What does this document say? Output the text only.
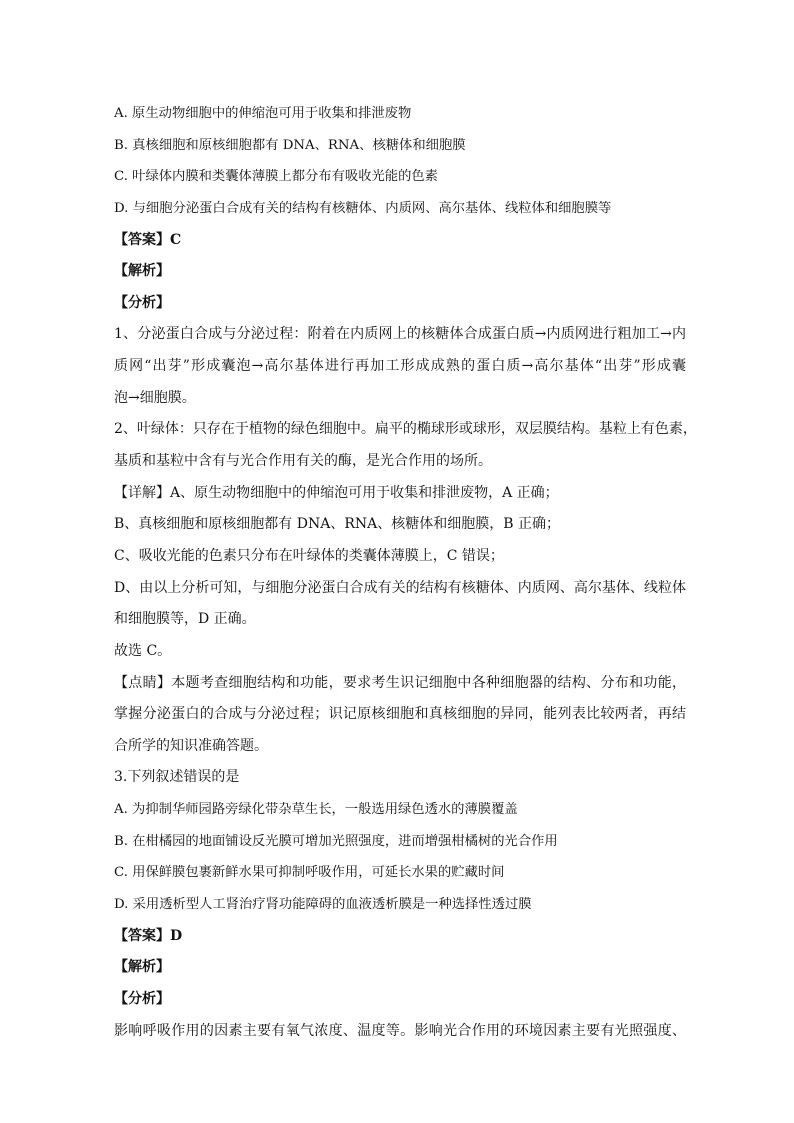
A. 原生动物细胞中的伸缩泡可用于收集和排泄废物
B. 真核细胞和原核细胞都有 DNA、RNA、核糖体和细胞膜
C. 叶绿体内膜和类囊体薄膜上都分布有吸收光能的色素
D. 与细胞分泌蛋白合成有关的结构有核糖体、内质网、高尔基体、线粒体和细胞膜等
【答案】C
【解析】
【分析】
1、分泌蛋白合成与分泌过程：附着在内质网上的核糖体合成蛋白质→内质网进行粗加工→内
质网“出芽”形成囊泡→高尔基体进行再加工形成成熟的蛋白质→高尔基体“出芽”形成囊
泡→细胞膜。
2、叶绿体：只存在于植物的绿色细胞中。扁平的椭球形或球形，双层膜结构。基粒上有色素，
基质和基粒中含有与光合作用有关的酶，是光合作用的场所。
【详解】A、原生动物细胞中的伸缩泡可用于收集和排泄废物，A 正确；
B、真核细胞和原核细胞都有 DNA、RNA、核糖体和细胞膜，B 正确；
C、吸收光能的色素只分布在叶绿体的类囊体薄膜上，C 错误；
D、由以上分析可知，与细胞分泌蛋白合成有关的结构有核糖体、内质网、高尔基体、线粒体
和细胞膜等，D 正确。
故选 C。
【点睛】本题考查细胞结构和功能，要求考生识记细胞中各种细胞器的结构、分布和功能，
掌握分泌蛋白的合成与分泌过程；识记原核细胞和真核细胞的异同，能列表比较两者，再结
合所学的知识准确答题。
3.下列叙述错误的是
A. 为抑制华师园路旁绿化带杂草生长，一般选用绿色透水的薄膜覆盖
B. 在柑橘园的地面铺设反光膜可增加光照强度，进而增强柑橘树的光合作用
C. 用保鲜膜包裹新鲜水果可抑制呼吸作用，可延长水果的贮藏时间
D. 采用透析型人工肾治疗肾功能障碍的血液透析膜是一种选择性透过膜
【答案】D
【解析】
【分析】
影响呼吸作用的因素主要有氧气浓度、温度等。影响光合作用的环境因素主要有光照强度、
